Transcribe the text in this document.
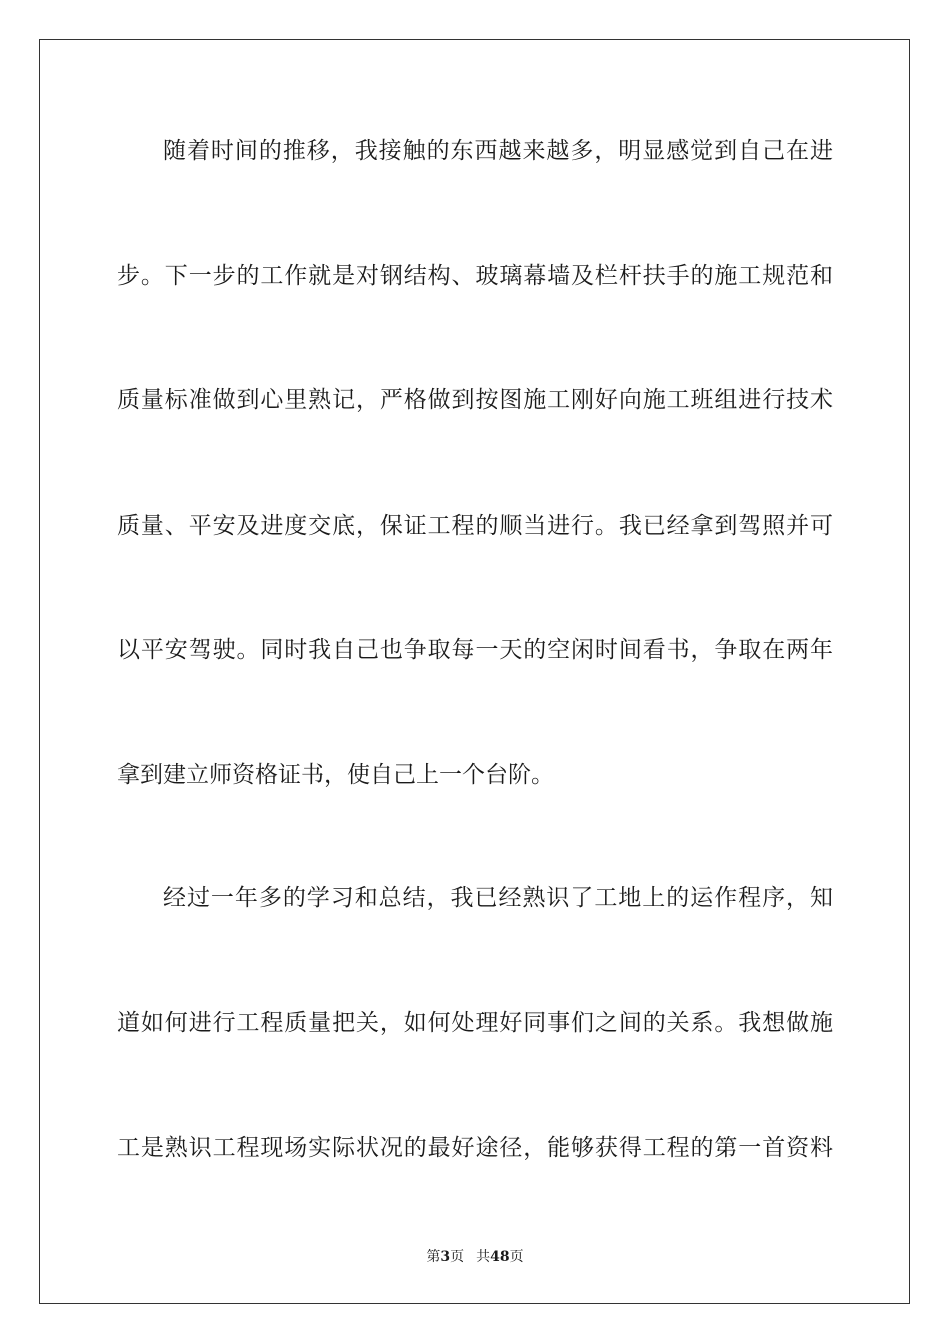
随着时间的推移，我接触的东西越来越多，明显感觉到自己在进
步。下一步的工作就是对钢结构、玻璃幕墙及栏杆扶手的施工规范和
质量标准做到心里熟记，严格做到按图施工刚好向施工班组进行技术
质量、平安及进度交底，保证工程的顺当进行。我已经拿到驾照并可
以平安驾驶。同时我自己也争取每一天的空闲时间看书，争取在两年
拿到建立师资格证书，使自己上一个台阶。
经过一年多的学习和总结，我已经熟识了工地上的运作程序，知
道如何进行工程质量把关，如何处理好同事们之间的关系。我想做施
工是熟识工程现场实际状况的最好途径，能够获得工程的第一首资料
第3页 共48页
